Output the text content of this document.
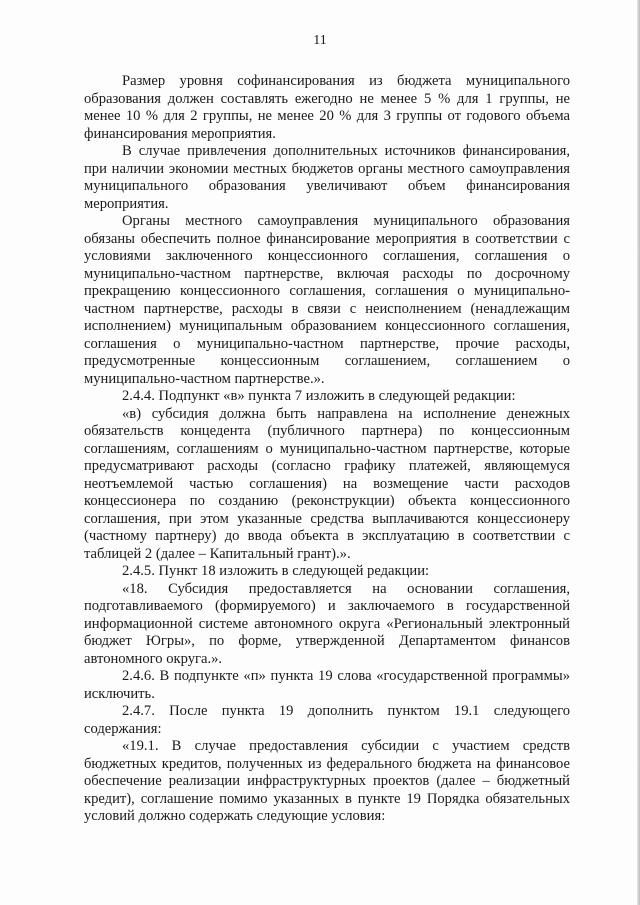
11

Размер уровня софинансирования из бюджета муниципального образования должен составлять ежегодно не менее 5 % для 1 группы, не менее 10 % для 2 группы, не менее 20 % для 3 группы от годового объема финансирования мероприятия.

В случае привлечения дополнительных источников финансирования, при наличии экономии местных бюджетов органы местного самоуправления муниципального образования увеличивают объем финансирования мероприятия.

Органы местного самоуправления муниципального образования обязаны обеспечить полное финансирование мероприятия в соответствии с условиями заключенного концессионного соглашения, соглашения о муниципально-частном партнерстве, включая расходы по досрочному прекращению концессионного соглашения, соглашения о муниципально-частном партнерстве, расходы в связи с неисполнением (ненадлежащим исполнением) муниципальным образованием концессионного соглашения, соглашения о муниципально-частном партнерстве, прочие расходы, предусмотренные концессионным соглашением, соглашением о муниципально-частном партнерстве.».

2.4.4. Подпункт «в» пункта 7 изложить в следующей редакции:

«в) субсидия должна быть направлена на исполнение денежных обязательств концедента (публичного партнера) по концессионным соглашениям, соглашениям о муниципально-частном партнерстве, которые предусматривают расходы (согласно графику платежей, являющемуся неотъемлемой частью соглашения) на возмещение части расходов концессионера по созданию (реконструкции) объекта концессионного соглашения, при этом указанные средства выплачиваются концессионеру (частному партнеру) до ввода объекта в эксплуатацию в соответствии с таблицей 2 (далее – Капитальный грант).».

2.4.5. Пункт 18 изложить в следующей редакции:

«18. Субсидия предоставляется на основании соглашения, подготавливаемого (формируемого) и заключаемого в государственной информационной системе автономного округа «Региональный электронный бюджет Югры», по форме, утвержденной Департаментом финансов автономного округа.».

2.4.6. В подпункте «п» пункта 19 слова «государственной программы» исключить.

2.4.7. После пункта 19 дополнить пунктом 19.1 следующего содержания:

«19.1. В случае предоставления субсидии с участием средств бюджетных кредитов, полученных из федерального бюджета на финансовое обеспечение реализации инфраструктурных проектов (далее – бюджетный кредит), соглашение помимо указанных в пункте 19 Порядка обязательных условий должно содержать следующие условия:
